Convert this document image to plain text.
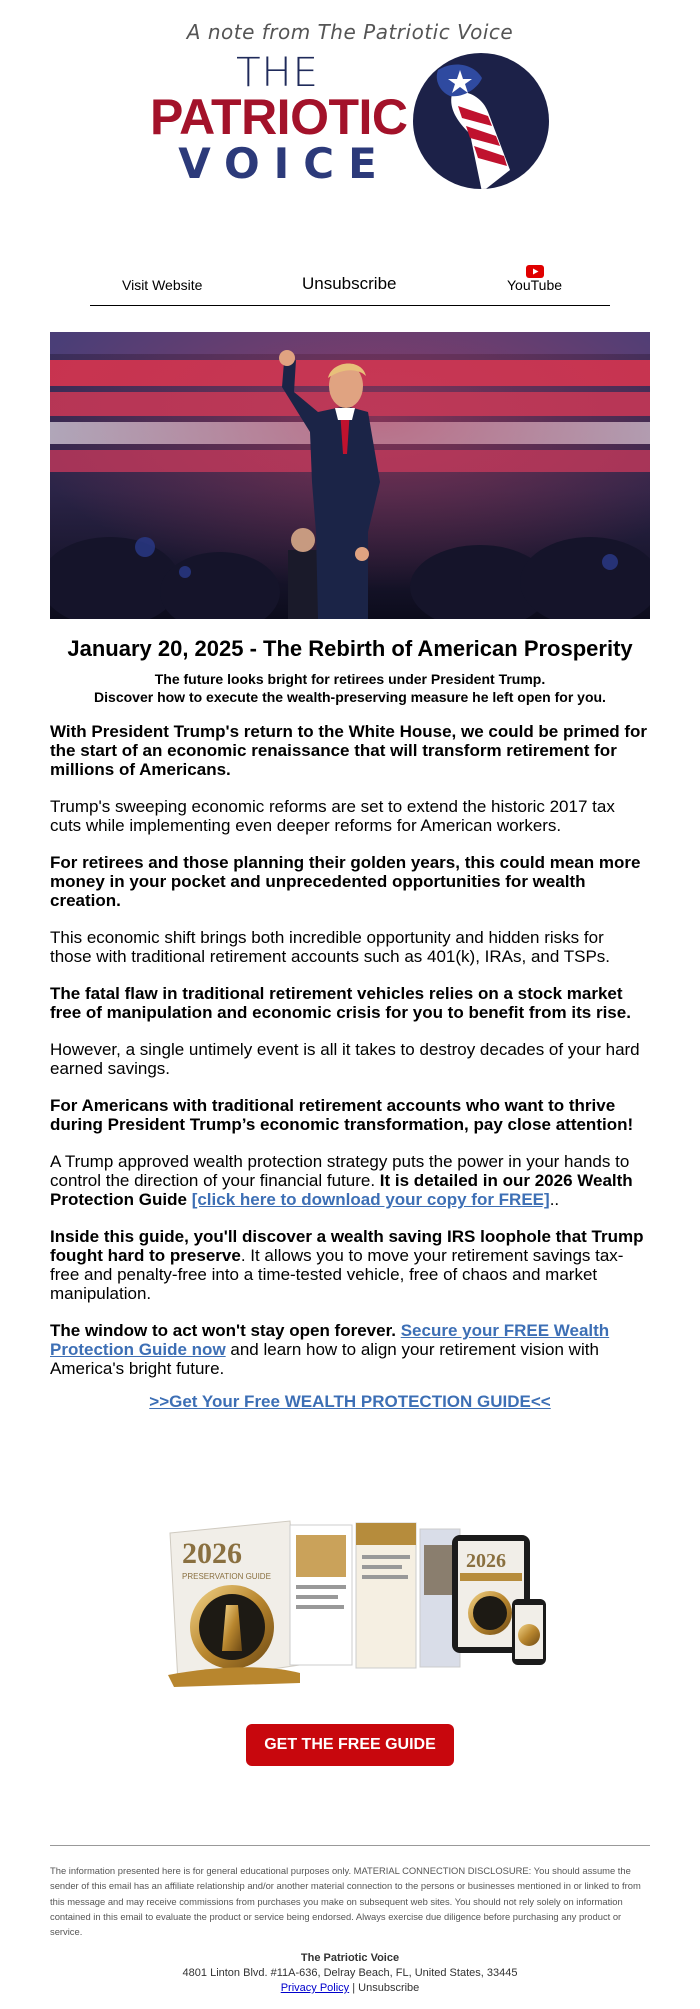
A note from The Patriotic Voice
THE
PATRIOTIC
VOICE
Visit Website	Unsubscribe	YouTube
January 20, 2025 - The Rebirth of American Prosperity
The future looks bright for retirees under President Trump.
Discover how to execute the wealth-preserving measure he left open for you.

With President Trump's return to the White House, we could be primed for the start of an economic renaissance that will transform retirement for millions of Americans.

Trump's sweeping economic reforms are set to extend the historic 2017 tax cuts while implementing even deeper reforms for American workers.

For retirees and those planning their golden years, this could mean more money in your pocket and unprecedented opportunities for wealth creation.

This economic shift brings both incredible opportunity and hidden risks for those with traditional retirement accounts such as 401(k), IRAs, and TSPs.

The fatal flaw in traditional retirement vehicles relies on a stock market free of manipulation and economic crisis for you to benefit from its rise.

However, a single untimely event is all it takes to destroy decades of your hard earned savings.

For Americans with traditional retirement accounts who want to thrive during President Trump’s economic transformation, pay close attention!

A Trump approved wealth protection strategy puts the power in your hands to control the direction of your financial future. It is detailed in our 2026 Wealth Protection Guide [click here to download your copy for FREE]..

Inside this guide, you'll discover a wealth saving IRS loophole that Trump fought hard to preserve. It allows you to move your retirement savings tax-free and penalty-free into a time-tested vehicle, free of chaos and market manipulation.

The window to act won't stay open forever. Secure your FREE Wealth Protection Guide now and learn how to align your retirement vision with America's bright future.

>>Get Your Free WEALTH PROTECTION GUIDE<<
2026
PRESERVATION GUIDE
2026
GET THE FREE GUIDE
The information presented here is for general educational purposes only. MATERIAL CONNECTION DISCLOSURE: You should assume the sender of this email has an affiliate relationship and/or another material connection to the persons or businesses mentioned in or linked to from this message and may receive commissions from purchases you make on subsequent web sites. You should not rely solely on information contained in this email to evaluate the product or service being endorsed. Always exercise due diligence before purchasing any product or service.
The Patriotic Voice
4801 Linton Blvd. #11A-636, Delray Beach, FL, United States, 33445
Privacy Policy | Unsubscribe
